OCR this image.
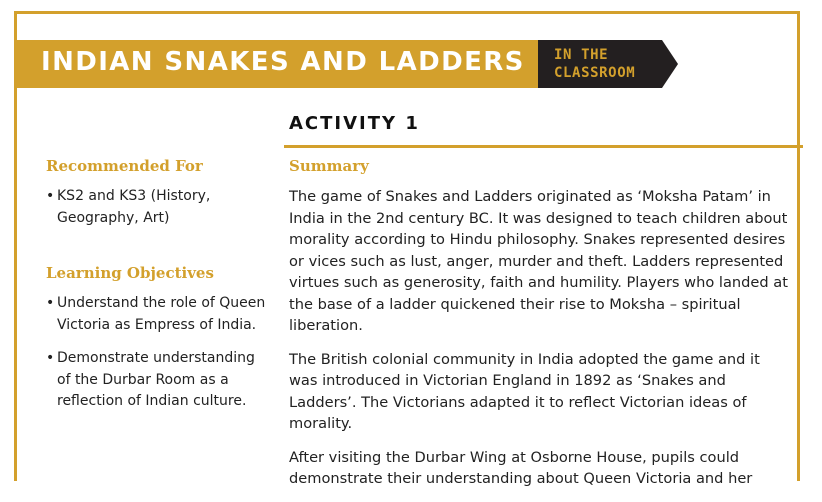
INDIAN SNAKES AND LADDERS IN THE
CLASSROOM
ACTIVITY 1
Recommended For
• KS2 and KS3 (History, Geography, Art)
Learning Objectives
• Understand the role of Queen Victoria as Empress of India.
• Demonstrate understanding of the Durbar Room as a reflection of Indian culture.
Summary

The game of Snakes and Ladders originated as ‘Moksha Patam’ in India in the 2nd century BC. It was designed to teach children about morality according to Hindu philosophy. Snakes represented desires or vices such as lust, anger, murder and theft. Ladders represented virtues such as generosity, faith and humility. Players who landed at the base of a ladder quickened their rise to Moksha – spiritual liberation.

The British colonial community in India adopted the game and it was introduced in Victorian England in 1892 as ‘Snakes and Ladders’. The Victorians adapted it to reflect Victorian ideas of morality.

After visiting the Durbar Wing at Osborne House, pupils could demonstrate their understanding about Queen Victoria and her
